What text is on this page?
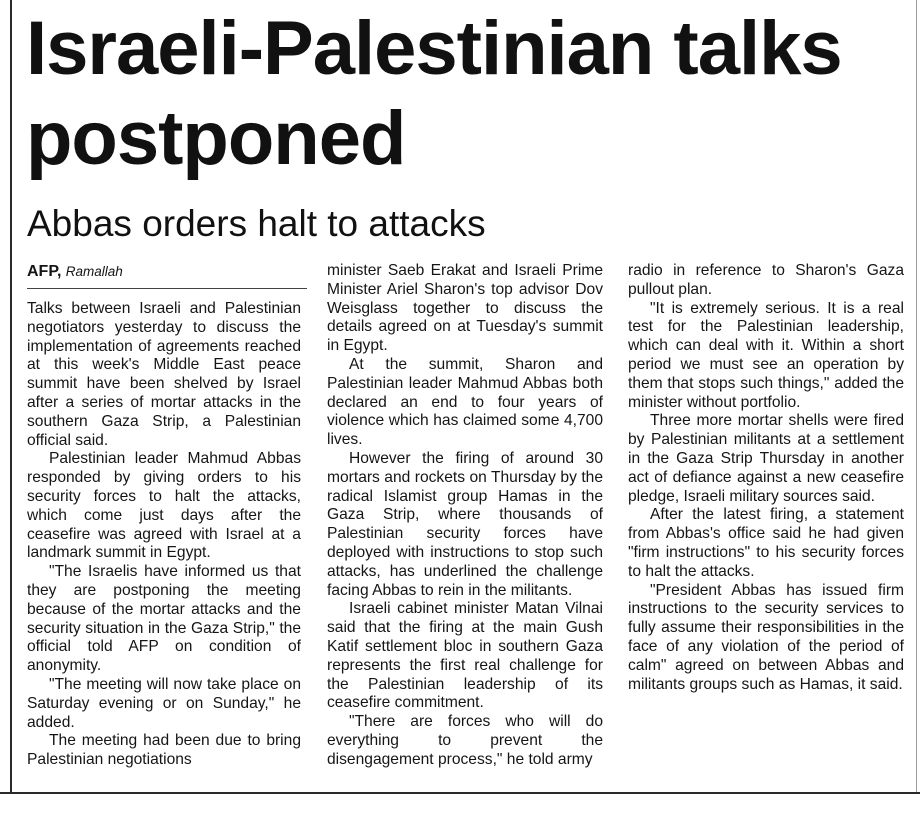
Israeli-Palestinian talks postponed
Abbas orders halt to attacks
AFP, Ramallah

Talks between Israeli and Palestinian negotiators yesterday to discuss the implementation of agreements reached at this week's Middle East peace summit have been shelved by Israel after a series of mortar attacks in the southern Gaza Strip, a Palestinian official said.

Palestinian leader Mahmud Abbas responded by giving orders to his security forces to halt the attacks, which come just days after the ceasefire was agreed with Israel at a landmark summit in Egypt.

"The Israelis have informed us that they are postponing the meeting because of the mortar attacks and the security situation in the Gaza Strip," the official told AFP on condition of anonymity.

"The meeting will now take place on Saturday evening or on Sunday," he added.

The meeting had been due to bring Palestinian negotiations

minister Saeb Erakat and Israeli Prime Minister Ariel Sharon's top advisor Dov Weisglass together to discuss the details agreed on at Tuesday's summit in Egypt.

At the summit, Sharon and Palestinian leader Mahmud Abbas both declared an end to four years of violence which has claimed some 4,700 lives.

However the firing of around 30 mortars and rockets on Thursday by the radical Islamist group Hamas in the Gaza Strip, where thousands of Palestinian security forces have deployed with instructions to stop such attacks, has underlined the challenge facing Abbas to rein in the militants.

Israeli cabinet minister Matan Vilnai said that the firing at the main Gush Katif settlement bloc in southern Gaza represents the first real challenge for the Palestinian leadership of its ceasefire commitment.

"There are forces who will do everything to prevent the disengagement process," he told army

radio in reference to Sharon's Gaza pullout plan.

"It is extremely serious. It is a real test for the Palestinian leadership, which can deal with it. Within a short period we must see an operation by them that stops such things," added the minister without portfolio.

Three more mortar shells were fired by Palestinian militants at a settlement in the Gaza Strip Thursday in another act of defiance against a new ceasefire pledge, Israeli military sources said.

After the latest firing, a statement from Abbas's office said he had given "firm instructions" to his security forces to halt the attacks.

"President Abbas has issued firm instructions to the security services to fully assume their responsibilities in the face of any violation of the period of calm" agreed on between Abbas and militants groups such as Hamas, it said.
